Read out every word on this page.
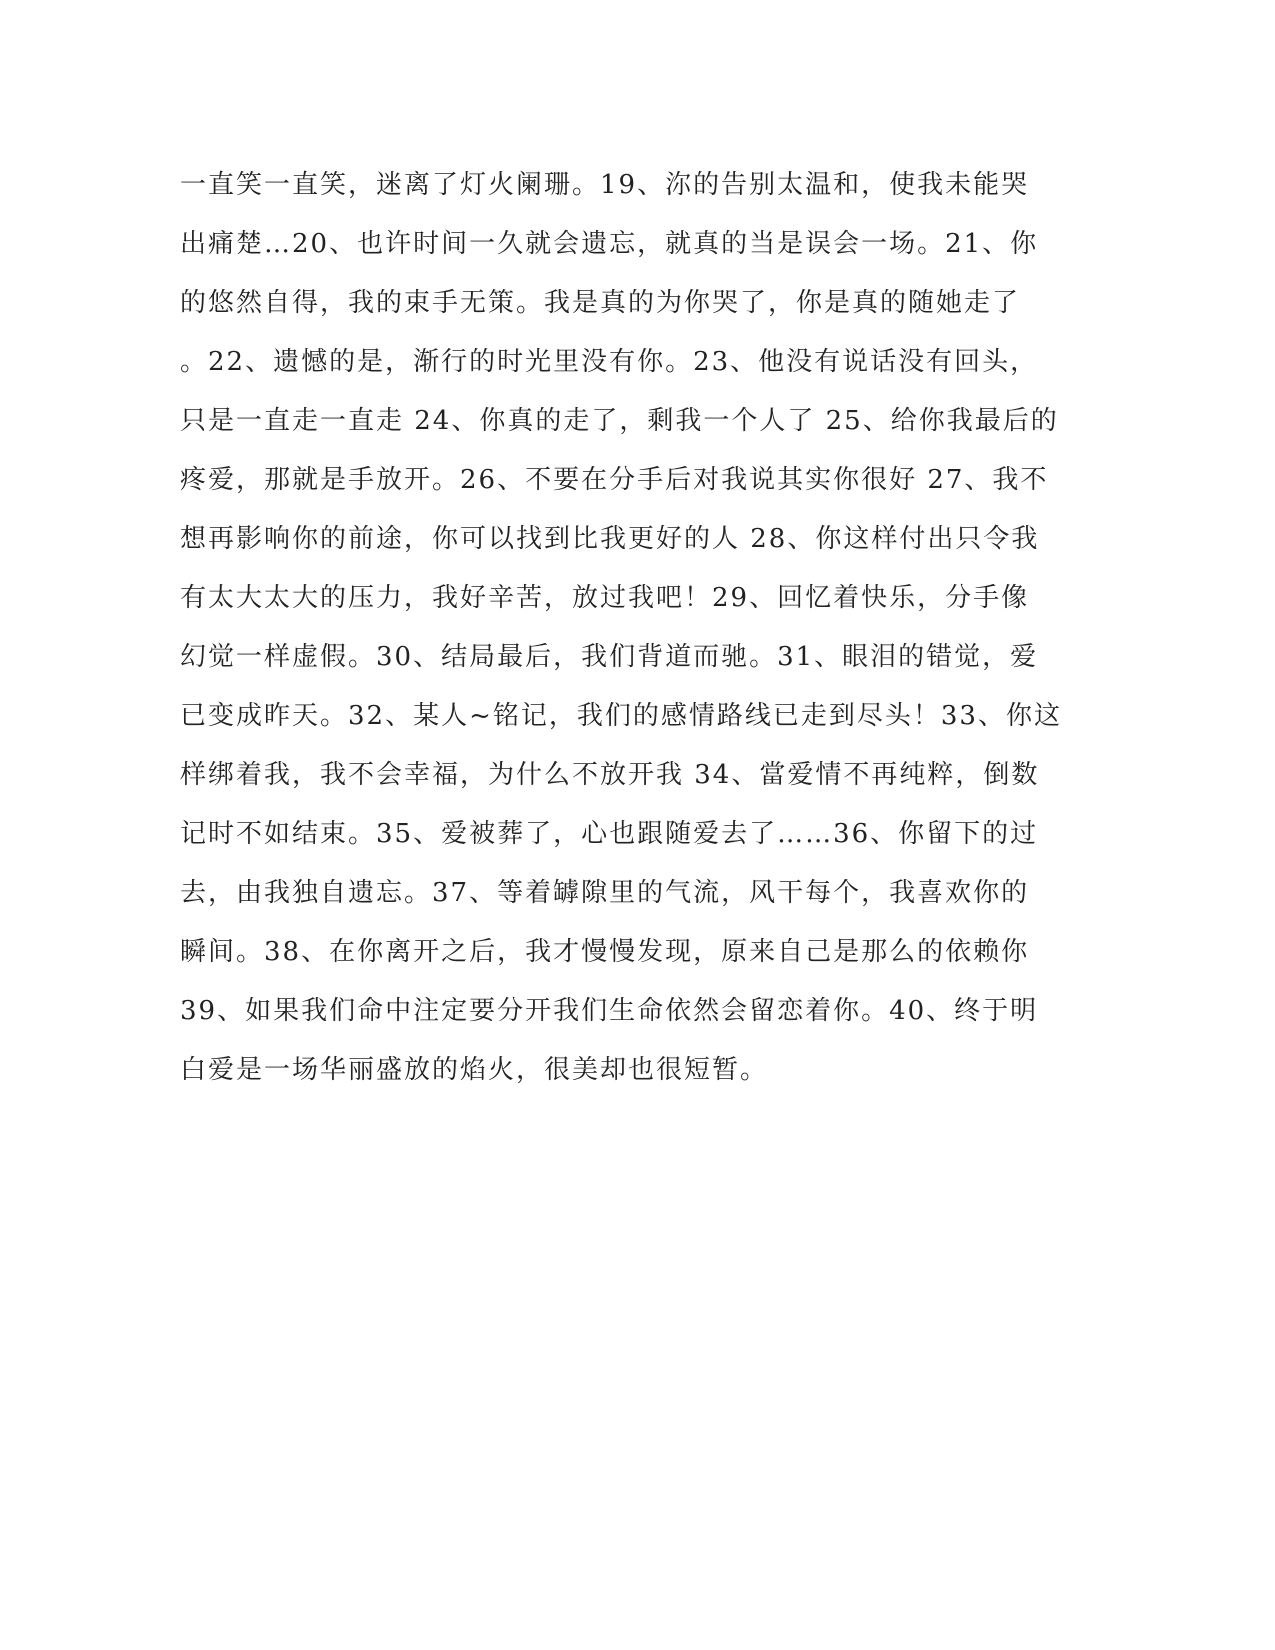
一直笑一直笑，迷离了灯火阑珊。19、沵的告别太温和，使我未能哭
出痛楚…20、也许时间一久就会遗忘，就真的当是误会一场。21、你
的悠然自得，我的束手无策。我是真的为你哭了，你是真的随她走了
。22、遗憾的是，渐行的时光里没有你。23、他没有说话没有回头，
只是一直走一直走 24、你真的走了，剩我一个人了 25、给你我最后的
疼爱，那就是手放开。26、不要在分手后对我说其实你很好 27、我不
想再影响你的前途，你可以找到比我更好的人 28、你这样付出只令我
有太大太大的压力，我好辛苦，放过我吧！29、回忆着快乐，分手像
幻觉一样虚假。30、结局最后，我们背道而驰。31、眼泪的错觉，爱
已变成昨天。32、某人~铭记，我们的感情路线已走到尽头！33、你这
样绑着我，我不会幸福，为什么不放开我 34、當爱情不再纯粹，倒数
记时不如结束。35、爱被葬了，心也跟随爱去了……36、你留下的过
去，由我独自遗忘。37、等着罅隙里的气流，风干每个，我喜欢你的
瞬间。38、在你离开之后，我才慢慢发现，原来自己是那么的依赖你
39、如果我们命中注定要分开我们生命依然会留恋着你。40、终于明
白爱是一场华丽盛放的焰火，很美却也很短暂。
